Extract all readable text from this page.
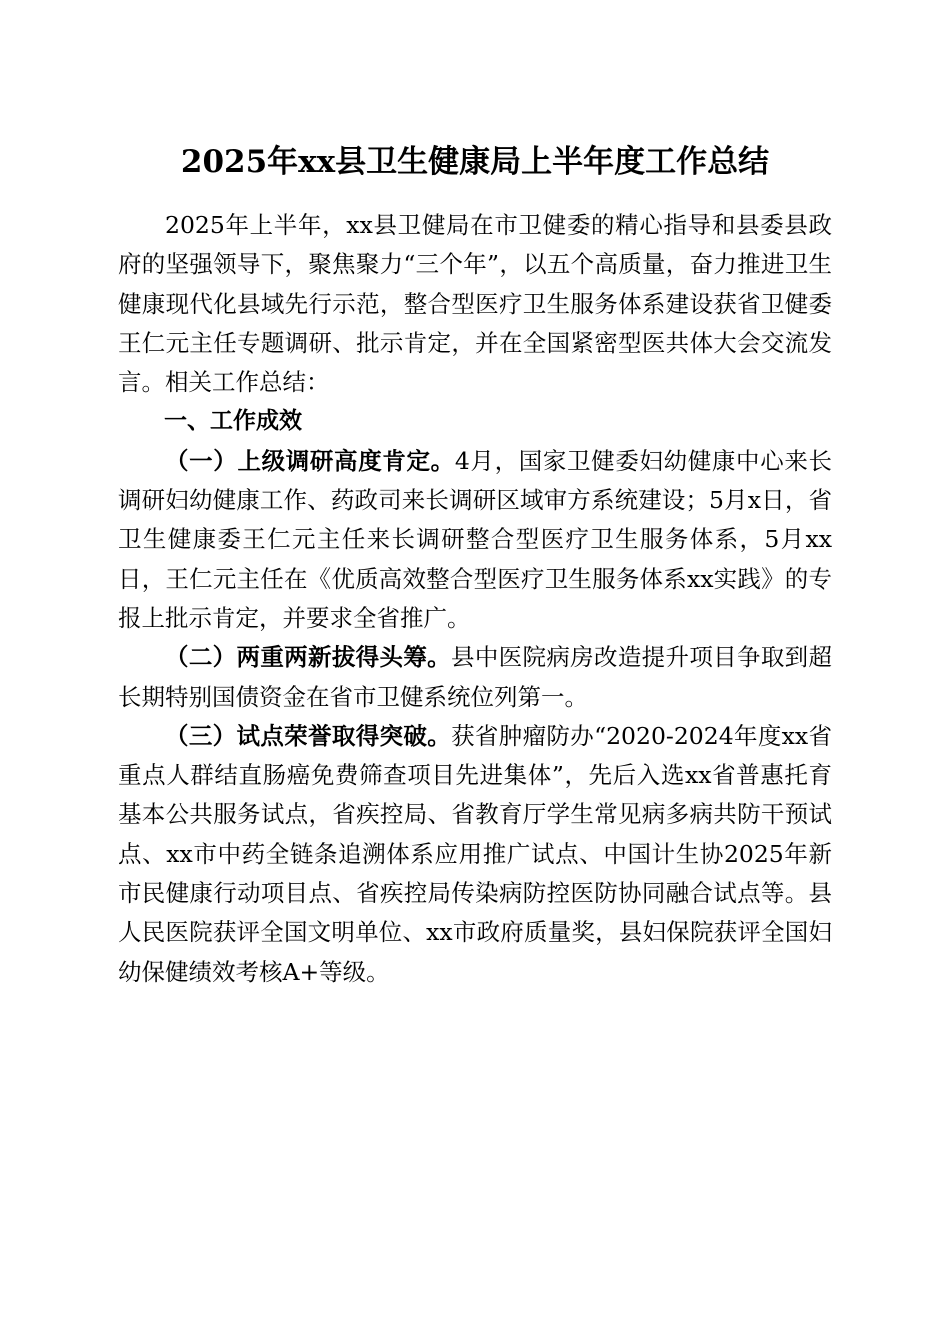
2025年xx县卫生健康局上半年度工作总结

2025年上半年，xx县卫健局在市卫健委的精心指导和县委县政府的坚强领导下，聚焦聚力“三个年”，以五个高质量，奋力推进卫生健康现代化县域先行示范，整合型医疗卫生服务体系建设获省卫健委王仁元主任专题调研、批示肯定，并在全国紧密型医共体大会交流发言。相关工作总结：

一、工作成效

（一）上级调研高度肯定。4月，国家卫健委妇幼健康中心来长调研妇幼健康工作、药政司来长调研区域审方系统建设；5月x日，省卫生健康委王仁元主任来长调研整合型医疗卫生服务体系，5月xx日，王仁元主任在《优质高效整合型医疗卫生服务体系xx实践》的专报上批示肯定，并要求全省推广。

（二）两重两新拔得头筹。县中医院病房改造提升项目争取到超长期特别国债资金在省市卫健系统位列第一。

（三）试点荣誉取得突破。获省肿瘤防办“2020-2024年度xx省重点人群结直肠癌免费筛查项目先进集体”，先后入选xx省普惠托育基本公共服务试点，省疾控局、省教育厅学生常见病多病共防干预试点、xx市中药全链条追溯体系应用推广试点、中国计生协2025年新市民健康行动项目点、省疾控局传染病防控医防协同融合试点等。县人民医院获评全国文明单位、xx市政府质量奖，县妇保院获评全国妇幼保健绩效考核A+等级。
